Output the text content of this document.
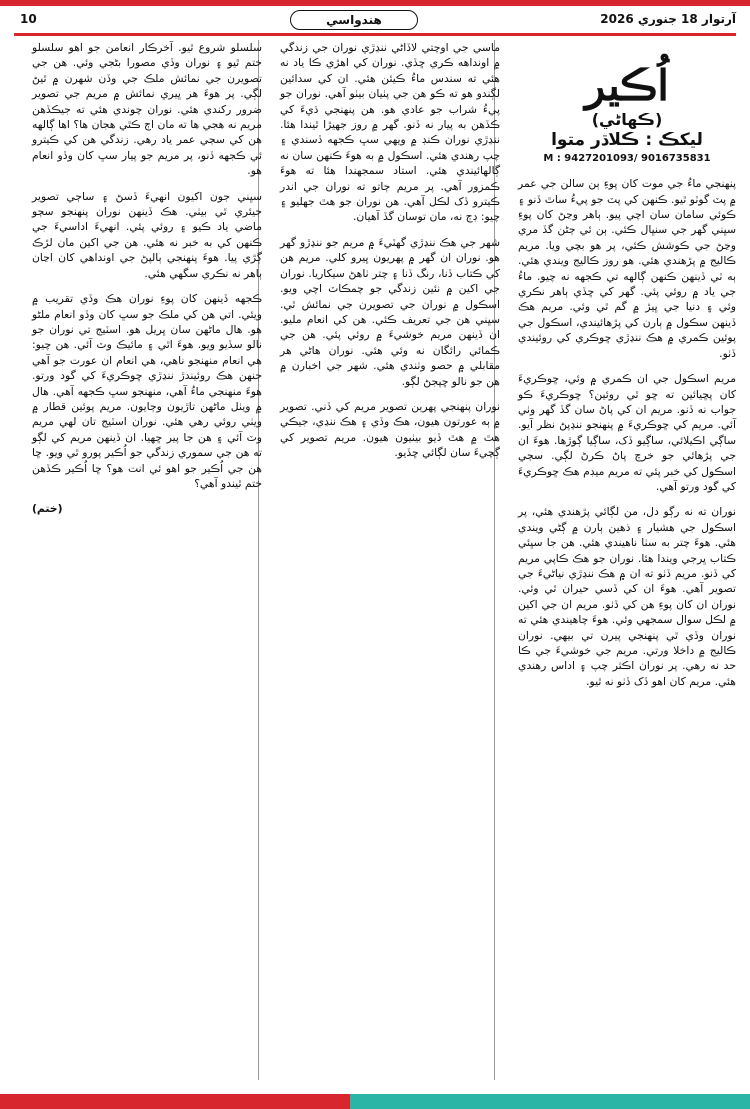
10	هندواسي	آرتوار 18 جنوري 2026
اُڪير
(ڪهاڻي)
ليکڪ : ڪلاڌر متوا
M : 9427201093/ 9016735831

پنهنجي ماءُ جي موت کان پوءِ ٻن سالن جي عمر ۾ پٽ گوٽو ٿيو. ڪنهن کي پٽ جو پيءُ ساٿ ڏنو ۽ ڪوئي سامان سان اچي پيو. ٻاهر وڃڻ کان پوءِ سڀني گهر جي سنڀال ڪئي. ٻن ئي ڄڻن گڏ مري وڃڻ جي ڪوشش ڪئي، پر هو بچي ويا. مريم ڪاليج ۾ پڙهندي هئي. هو روز ڪاليج ويندي هئي. ٻه ٽي ڏينهن ڪنهن ڳالهه تي ڪجهه نه چيو. ماءُ جي ياد ۾ روئي پئي. گهر کي ڇڏي ٻاهر نڪري وئي ۽ دنيا جي ڀيڙ ۾ گم ٿي وئي. مريم هڪ ڏينهن سڪول ۾ ٻارن کي پڙهائيندي، اسڪول جي پوئين ڪمري ۾ هڪ ننڍڙي ڇوڪري کي روئيندي ڏٺو.

مريم اسڪول جي ان ڪمري ۾ وئي، ڇوڪريءَ کان پڇيائين ته ڇو ٿي روئين؟ ڇوڪريءَ ڪو جواب نه ڏنو. مريم ان کي پاڻ سان گڏ گهر وٺي آئي. مريم کي ڇوڪريءَ ۾ پنهنجو ننڍپڻ نظر آيو. ساڳي اڪيلائي، ساڳيو ڏک، ساڳيا ڳوڙها. هوءَ ان جي پڙهائي جو خرچ پاڻ ڪرڻ لڳي. سڄي اسڪول کي خبر پئي ته مريم ميڊم هڪ ڇوڪريءَ کي گود ورتو آهي.

نوران ته نه رڳو دل، من لڳائي پڙهندي هئي، پر اسڪول جي هشيار ۽ ذهين ٻارن ۾ ڳڻي ويندي هئي. هوءَ چتر به سٺا ناهيندي هئي. هن جا سڀئي ڪتاب ڀرجي ويندا هئا. نوران جو هڪ ڪاپي مريم کي ڏنو. مريم ڏٺو ته ان ۾ هڪ ننڍڙي نياڻيءَ جي تصوير آهي. هوءَ ان کي ڏسي حيران ٿي وئي. نوران ان کان پوءِ هن کي ڏٺو. مريم ان جي اکين ۾ لڪل سوال سمجهي وئي. هوءَ چاهيندي هئي ته نوران وڏي ٿي پنهنجي پيرن تي بيهي. نوران ڪاليج ۾ داخلا ورتي. مريم جي خوشيءَ جي ڪا حد نه رهي. پر نوران اڪثر چپ ۽ اداس رهندي هئي. مريم کان اهو ڏک ڏٺو نه ٿيو.

ماسي جي اوچتي لاڏاڻي ننڍڙي نوران جي زندگي ۾ اونداهه ڪري ڇڏي. نوران کي اهڙي ڪا ياد نه هئي ته سندس ماءُ ڪيئن هئي. ان کي سدائين لڳندو هو ته ڪو هن جي پٺيان بيٺو آهي. نوران جو پيءُ شراب جو عادي هو. هن پنهنجي ڌيءَ کي ڪڏهن به پيار نه ڏنو. گهر ۾ روز جهيڙا ٿيندا هئا. ننڍڙي نوران ڪنڊ ۾ ويهي سڀ ڪجهه ڏسندي ۽ چپ رهندي هئي. اسڪول ۾ به هوءَ ڪنهن سان نه ڳالهائيندي هئي. استاد سمجهندا هئا ته هوءَ ڪمزور آهي. پر مريم ڄاتو ته نوران جي اندر ڪيترو ڏک لڪل آهي. هن نوران جو هٿ جهليو ۽ چيو: ڊڄ نه، مان توسان گڏ آهيان.

شهر جي هڪ ننڍڙي گهٽيءَ ۾ مريم جو ننڍڙو گهر هو. نوران ان گهر ۾ پهريون ڀيرو کلي. مريم هن کي ڪتاب ڏنا، رنگ ڏنا ۽ چتر ٺاهڻ سيکاريا. نوران جي اکين ۾ نئين زندگي جو چمڪاٽ اچي ويو. اسڪول ۾ نوران جي تصويرن جي نمائش ٿي. سڀني هن جي تعريف ڪئي. هن کي انعام مليو. ان ڏينهن مريم خوشيءَ ۾ روئي پئي. هن جي ڪمائي رائگان نه وئي هئي. نوران هاڻي هر مقابلي ۾ حصو وٺندي هئي. شهر جي اخبارن ۾ هن جو نالو ڇپجڻ لڳو.

نوران پنهنجي پهرين تصوير مريم کي ڏني. تصوير ۾ ٻه عورتون هيون، هڪ وڏي ۽ هڪ ننڍي، جيڪي هٿ ۾ هٿ ڏيو بيٺيون هيون. مريم تصوير کي ڳچيءَ سان لڳائي ڇڏيو.

سلسلو شروع ٿيو. آخرڪار انعامن جو اهو سلسلو ختم ٿيو ۽ نوران وڏي مصورا بڻجي وئي. هن جي تصويرن جي نمائش ملڪ جي وڏن شهرن ۾ ٿيڻ لڳي. پر هوءَ هر ڀيري نمائش ۾ مريم جي تصوير ضرور رکندي هئي. نوران چوندي هئي ته جيڪڏهن مريم نه هجي ها ته مان اڄ ڪٿي هجان ها؟ اها ڳالهه هن کي سڄي عمر ياد رهي. زندگي هن کي ڪيترو ئي ڪجهه ڏنو، پر مريم جو پيار سڀ کان وڏو انعام هو.

سڀني جون اکيون انهيءَ ڏسڻ ۽ ساڄي تصوير جيئري ٿي بيٺي. هڪ ڏينهن نوران پنهنجو سڄو ماضي ياد ڪيو ۽ روئي پئي. انهيءَ اداسيءَ جي ڪنهن کي به خبر نه هئي. هن جي اکين مان لڙڪ ڳڙي پيا. هوءَ پنهنجي ٻالپڻ جي اونداهي کان اڃان ٻاهر نه نڪري سگهي هئي.

ڪجهه ڏينهن کان پوءِ نوران هڪ وڏي تقريب ۾ ويئي. اتي هن کي ملڪ جو سڀ کان وڏو انعام ملڻو هو. هال ماڻهن سان ڀريل هو. اسٽيج تي نوران جو نالو سڏيو ويو. هوءَ اٿي ۽ مائيڪ وٽ آئي. هن چيو: هي انعام منهنجو ناهي، هي انعام ان عورت جو آهي جنهن هڪ روئيندڙ ننڍڙي ڇوڪريءَ کي گود ورتو. هوءَ منهنجي ماءُ آهي، منهنجو سڀ ڪجهه آهي. هال ۾ ويٺل ماڻهن تاڙيون وڄايون. مريم پوئين قطار ۾ ويٺي روئي رهي هئي. نوران اسٽيج تان لهي مريم وٽ آئي ۽ هن جا پير ڇهيا. ان ڏينهن مريم کي لڳو ته هن جي سموري زندگي جو اُڪير پورو ٿي ويو. ڇا هن جي اُڪير جو اهو ئي انت هو؟ ڇا اُڪير ڪڏهن ختم ٿيندو آهي؟

(ختم)
